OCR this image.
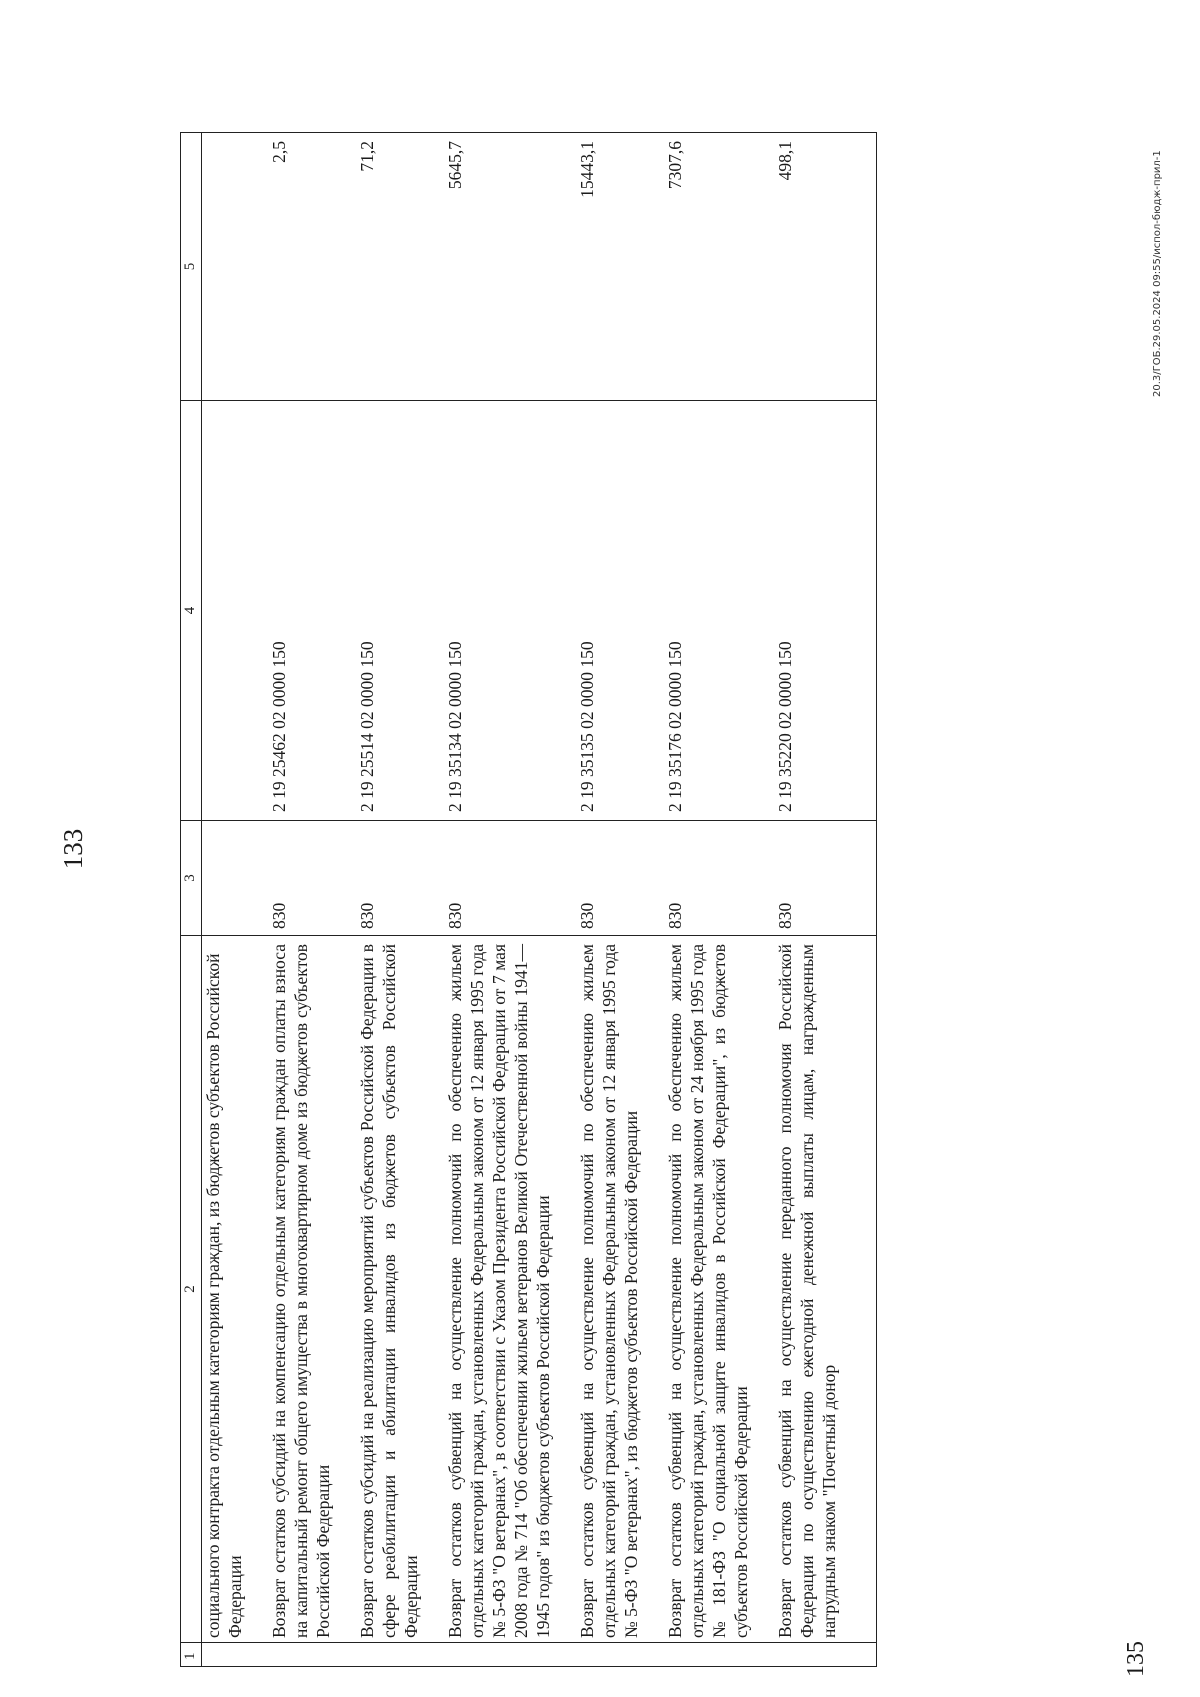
133
1	2	3	4	5
	социального контракта отдельным категориям граждан, из бюджетов субъектов Российской Федерации			
	Возврат остатков субсидий на компенсацию отдельным категориям граждан оплаты взноса на капитальный ремонт общего имущества в многоквартирном доме из бюджетов субъектов Российской Федерации	830	2 19 25462 02 0000 150	2,5
	Возврат остатков субсидий на реализацию мероприятий субъектов Российской Федерации в сфере реабилитации и абилитации инвалидов из бюджетов субъектов Российской Федерации	830	2 19 25514 02 0000 150	71,2
	Возврат остатков субвенций на осуществление полномочий по обеспечению жильем отдельных категорий граждан, установленных Федеральным законом от 12 января 1995 года № 5-ФЗ "О ветеранах", в соответствии с Указом Президента Российской Федерации от 7 мая 2008 года № 714 "Об обеспечении жильем ветеранов Великой Отечественной войны 1941—1945 годов" из бюджетов субъектов Российской Федерации	830	2 19 35134 02 0000 150	5645,7
	Возврат остатков субвенций на осуществление полномочий по обеспечению жильем отдельных категорий граждан, установленных Федеральным законом от 12 января 1995 года № 5-ФЗ "О ветеранах", из бюджетов субъектов Российской Федерации	830	2 19 35135 02 0000 150	15443,1
	Возврат остатков субвенций на осуществление полномочий по обеспечению жильем отдельных категорий граждан, установленных Федеральным законом от 24 ноября 1995 года № 181-ФЗ "О социальной защите инвалидов в Российской Федерации", из бюджетов субъектов Российской Федерации	830	2 19 35176 02 0000 150	7307,6
	Возврат остатков субвенций на осуществление переданного полномочия Российской Федерации по осуществлению ежегодной денежной выплаты лицам, награжденным нагрудным знаком "Почетный донор	830	2 19 35220 02 0000 150	498,1
135
20.3/ГОБ.29.05.2024 09:55/испол-бюдж-прил-1
